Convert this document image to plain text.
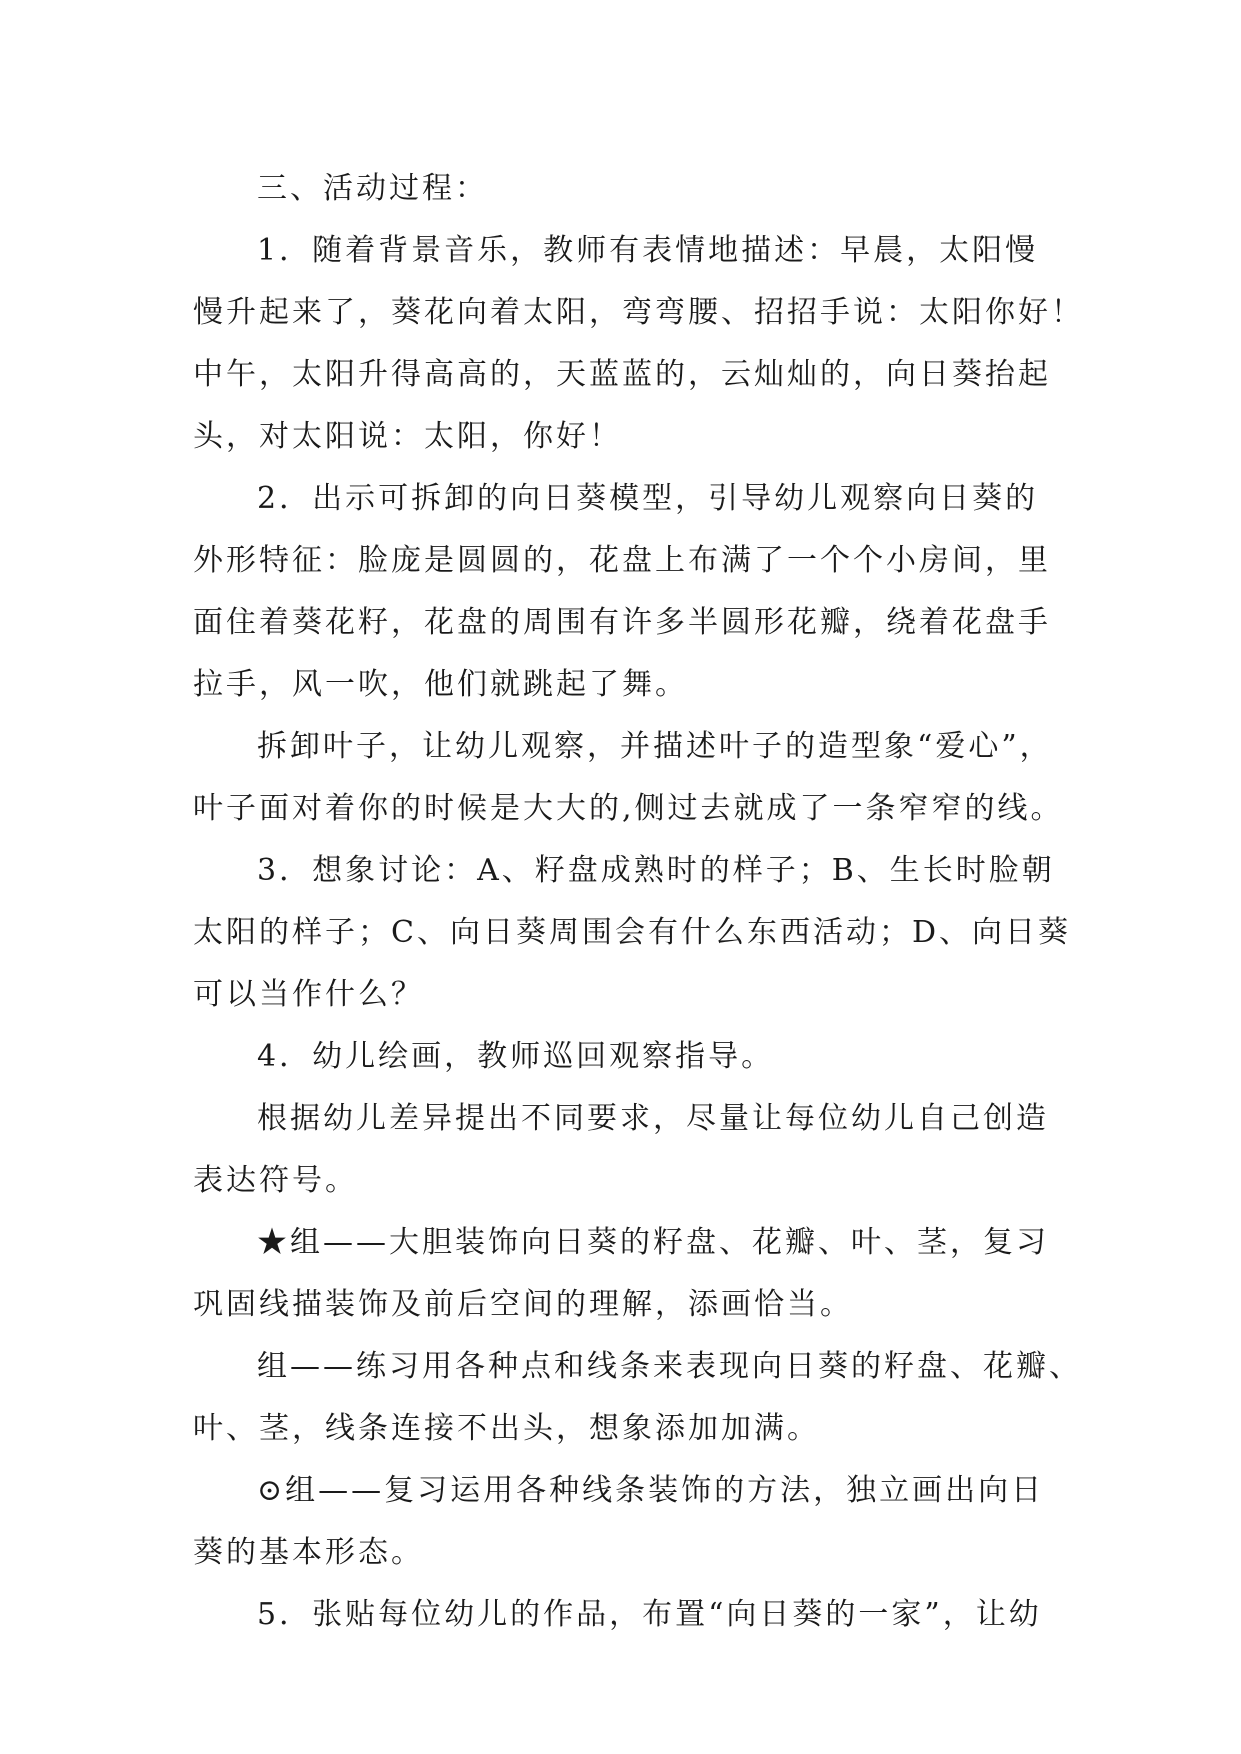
三、活动过程：
1．随着背景音乐，教师有表情地描述：早晨，太阳慢
慢升起来了，葵花向着太阳，弯弯腰、招招手说：太阳你好！
中午，太阳升得高高的，天蓝蓝的，云灿灿的，向日葵抬起
头，对太阳说：太阳，你好！
2．出示可拆卸的向日葵模型，引导幼儿观察向日葵的
外形特征：脸庞是圆圆的，花盘上布满了一个个小房间，里
面住着葵花籽，花盘的周围有许多半圆形花瓣，绕着花盘手
拉手，风一吹，他们就跳起了舞。
拆卸叶子，让幼儿观察，并描述叶子的造型象“爱心”，
叶子面对着你的时候是大大的,侧过去就成了一条窄窄的线。
3．想象讨论：A、籽盘成熟时的样子；B、生长时脸朝
太阳的样子；C、向日葵周围会有什么东西活动；D、向日葵
可以当作什么？
4．幼儿绘画，教师巡回观察指导。
根据幼儿差异提出不同要求，尽量让每位幼儿自己创造
表达符号。
★组——大胆装饰向日葵的籽盘、花瓣、叶、茎，复习
巩固线描装饰及前后空间的理解，添画恰当。
组——练习用各种点和线条来表现向日葵的籽盘、花瓣、
叶、茎，线条连接不出头，想象添加加满。
⊙组——复习运用各种线条装饰的方法，独立画出向日
葵的基本形态。
5．张贴每位幼儿的作品，布置“向日葵的一家”，让幼
